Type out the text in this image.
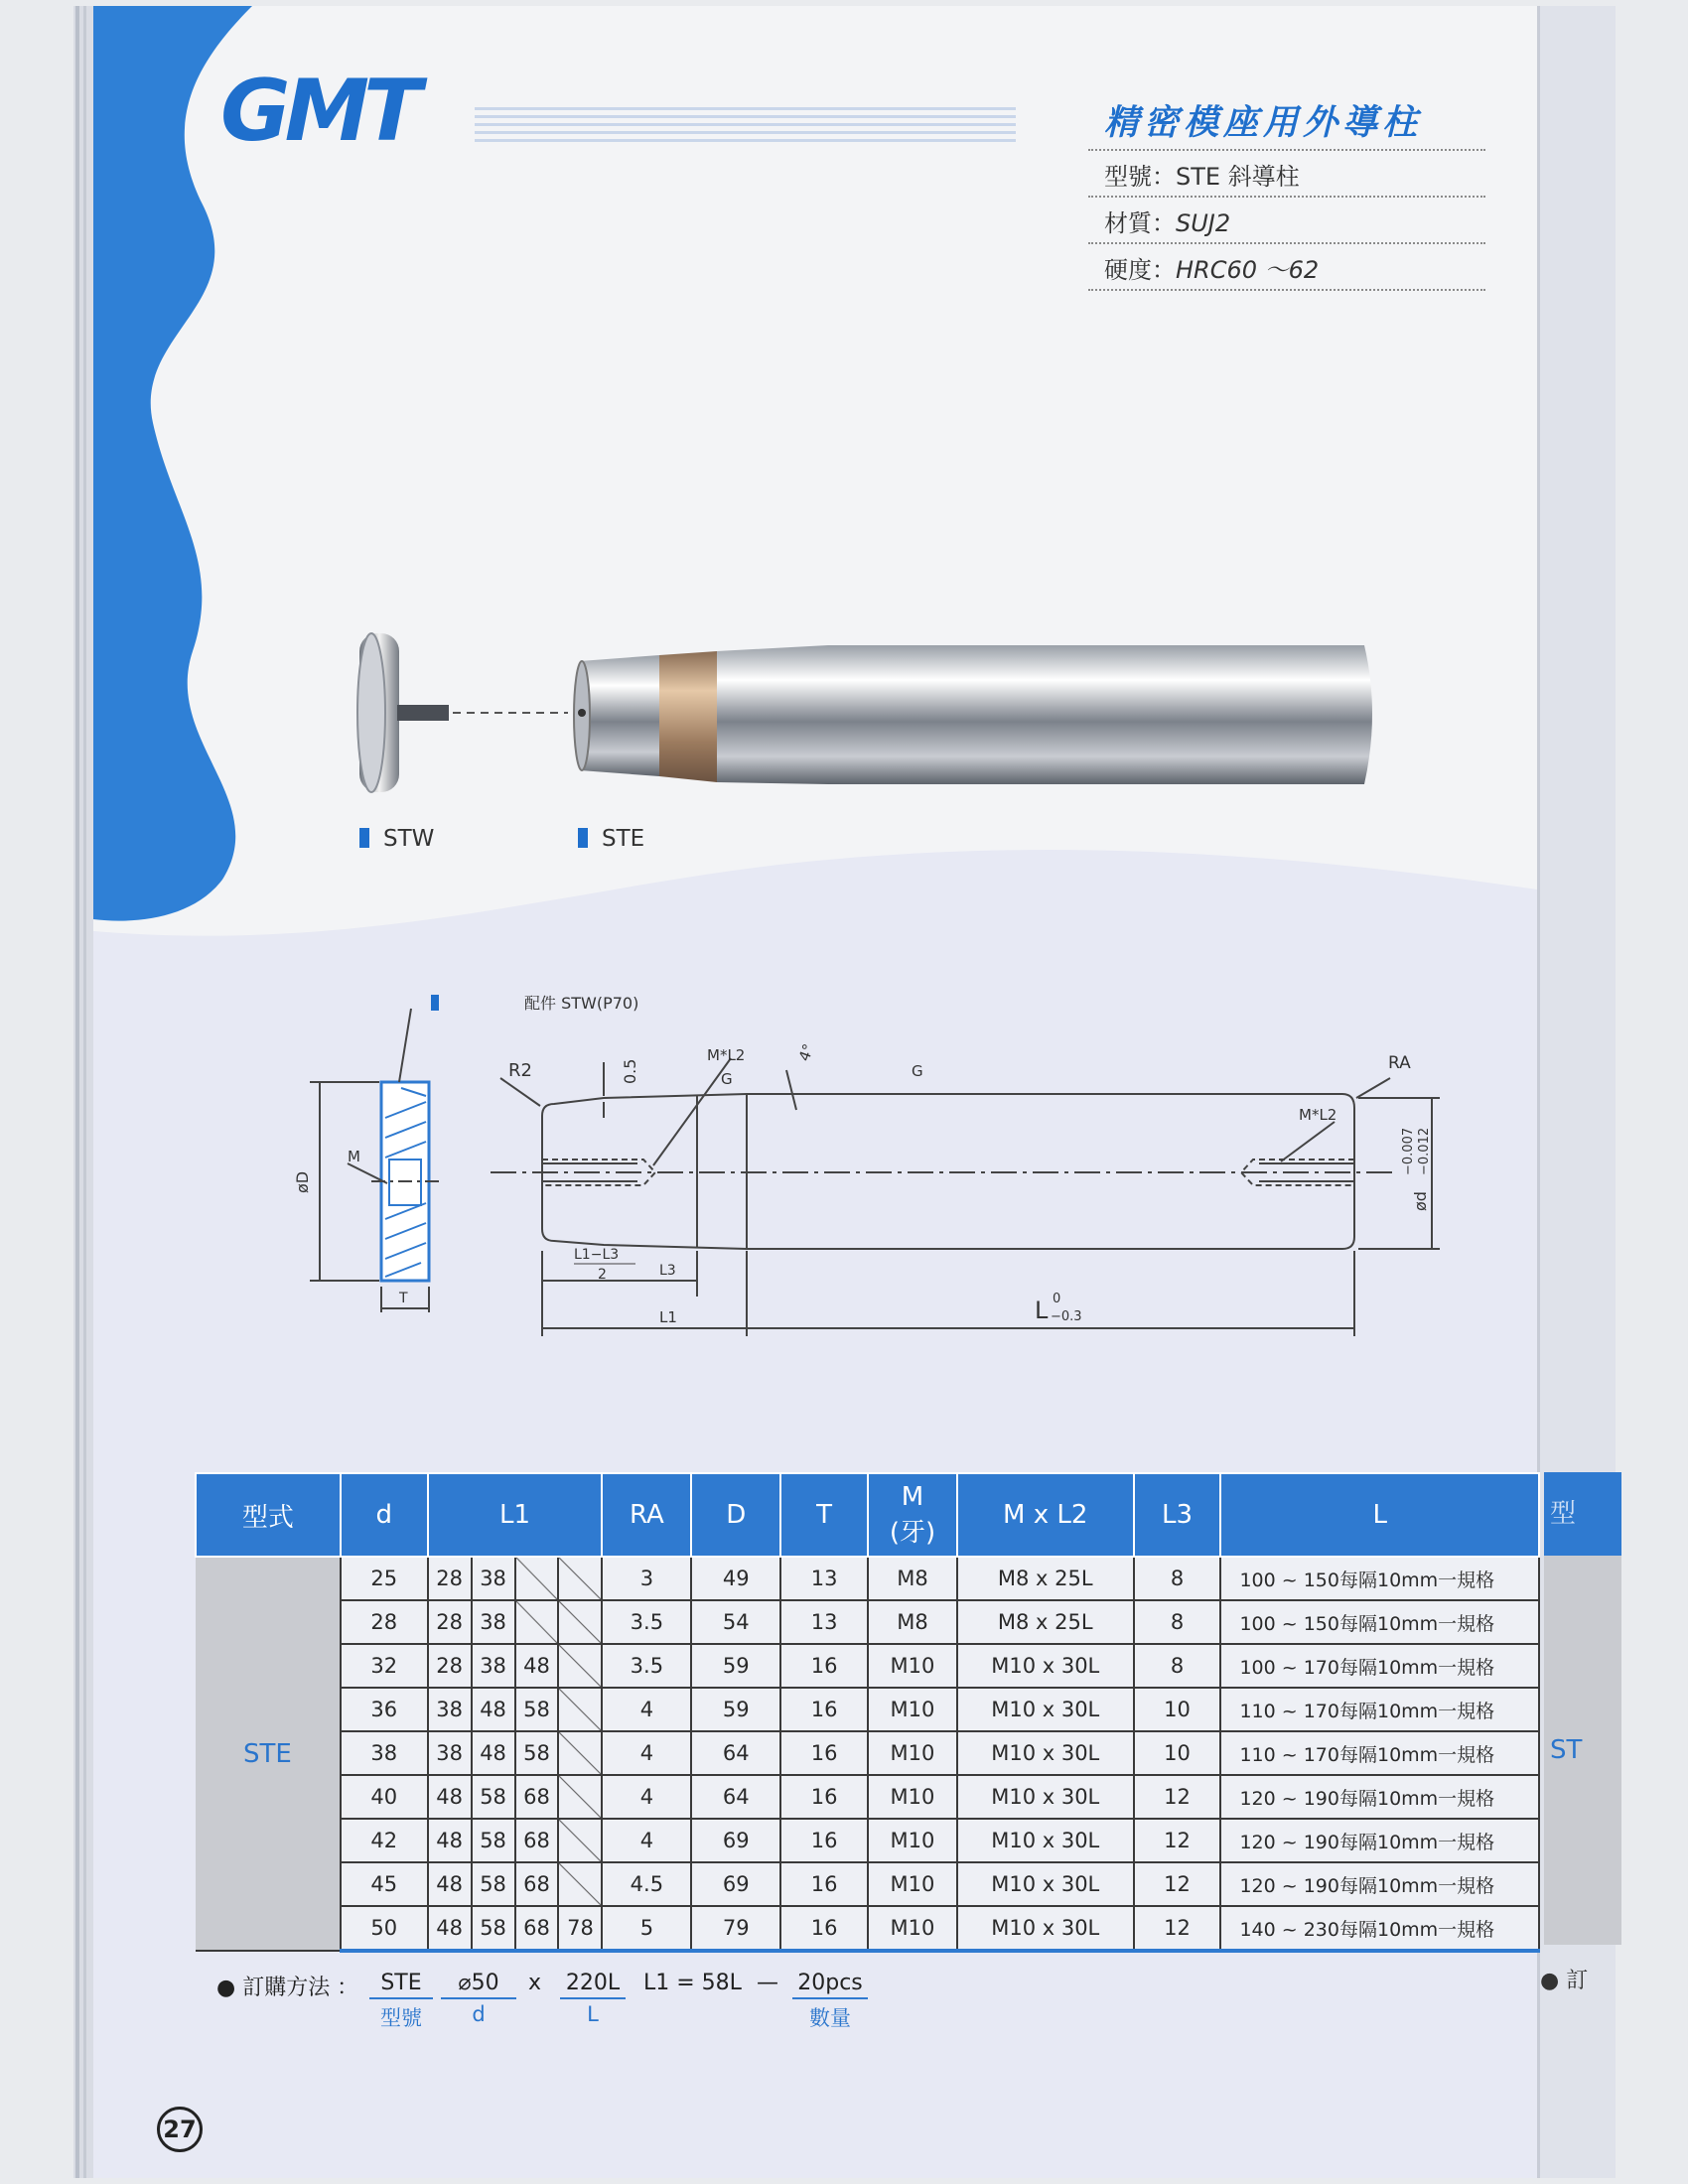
配件 STW(P70)
R2	0.5
M*L2
G
4°
G	RA
M*L2
øD
M
T
L1−L3
2	L3
L1	L 0
−0.3
ød
−0.007 −0.012
型
ST
● 訂
GMT	精密模座用外導柱
型號：STE 斜導柱
材質：SUJ2
硬度：HRC60 ～62
STW	STE
型式	d	L1				RA	D	T	M
(牙)	M x L2	L3	L
STE	25	28	38			3	49	13	M8	M8 x 25L	8	100 ~ 150每隔10mm一規格
	28	28	38			3.5	54	13	M8	M8 x 25L	8	100 ~ 150每隔10mm一規格
	32	28	38	48		3.5	59	16	M10	M10 x 30L	8	100 ~ 170每隔10mm一規格
	36	38	48	58		4	59	16	M10	M10 x 30L	10	110 ~ 170每隔10mm一規格
	38	38	48	58		4	64	16	M10	M10 x 30L	10	110 ~ 170每隔10mm一規格
	40	48	58	68		4	64	16	M10	M10 x 30L	12	120 ~ 190每隔10mm一規格
	42	48	58	68		4	69	16	M10	M10 x 30L	12	120 ~ 190每隔10mm一規格
	45	48	58	68		4.5	69	16	M10	M10 x 30L	12	120 ~ 190每隔10mm一規格
	50	48	58	68	78	5	79	16	M10	M10 x 30L	12	140 ~ 230每隔10mm一規格
● 訂購方法 ：	STE
型號
⌀50
d
x 220L
L
L1 = 58L — 20pcs
數量
27
